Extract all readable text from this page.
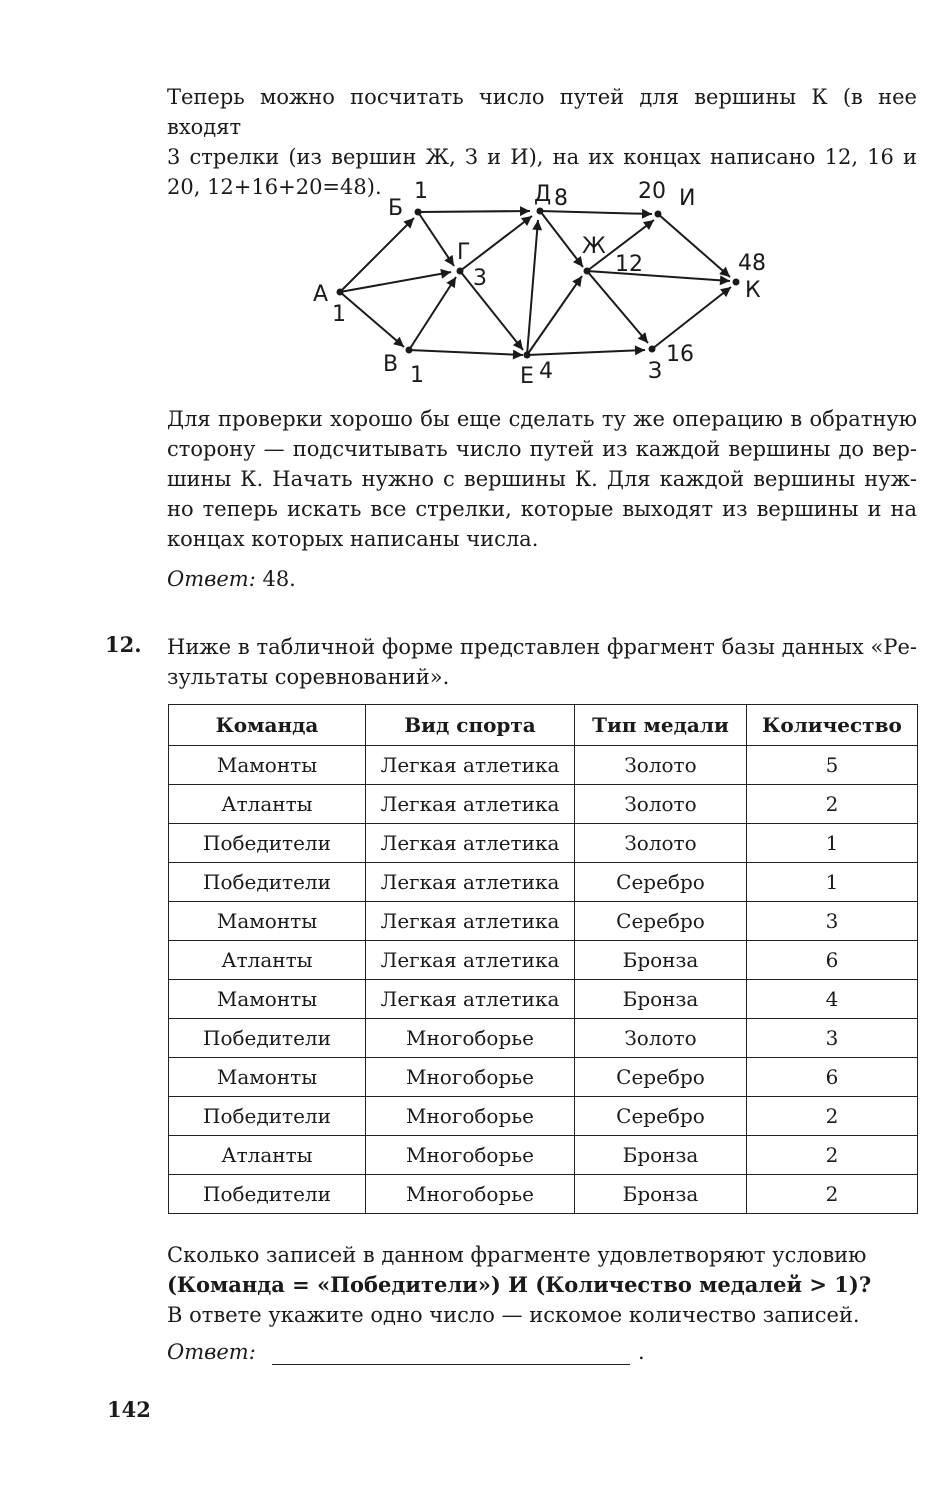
Теперь можно посчитать число путей для вершины К (в нее входят
3 стрелки (из вершин Ж, З и И), на их концах написано 12, 16 и
20, 12+16+20=48).
А
1
Б
1
В 1
Г
3
Д 8
Е 4
Ж
12
З
16
И
20
К
48
Для проверки хорошо бы еще сделать ту же операцию в обратную
сторону — подсчитывать число путей из каждой вершины до вер-
шины К. Начать нужно с вершины К. Для каждой вершины нуж-
но теперь искать все стрелки, которые выходят из вершины и на
концах которых написаны числа.
Ответ: 48.
12. Ниже в табличной форме представлен фрагмент базы данных «Ре-
зультаты соревнований».
Команда	Вид спорта	Тип медали	Количество
Мамонты	Легкая атлетика	Золото	5
Атланты	Легкая атлетика	Золото	2
Победители	Легкая атлетика	Золото	1
Победители	Легкая атлетика	Серебро	1
Мамонты	Легкая атлетика	Серебро	3
Атланты	Легкая атлетика	Бронза	6
Мамонты	Легкая атлетика	Бронза	4
Победители	Многоборье	Золото	3
Мамонты	Многоборье	Серебро	6
Победители	Многоборье	Серебро	2
Атланты	Многоборье	Бронза	2
Победители	Многоборье	Бронза	2
Сколько записей в данном фрагменте удовлетворяют условию
(Команда = «Победители») И (Количество медалей > 1)?
В ответе укажите одно число — искомое количество записей.
Ответ:	.
142
